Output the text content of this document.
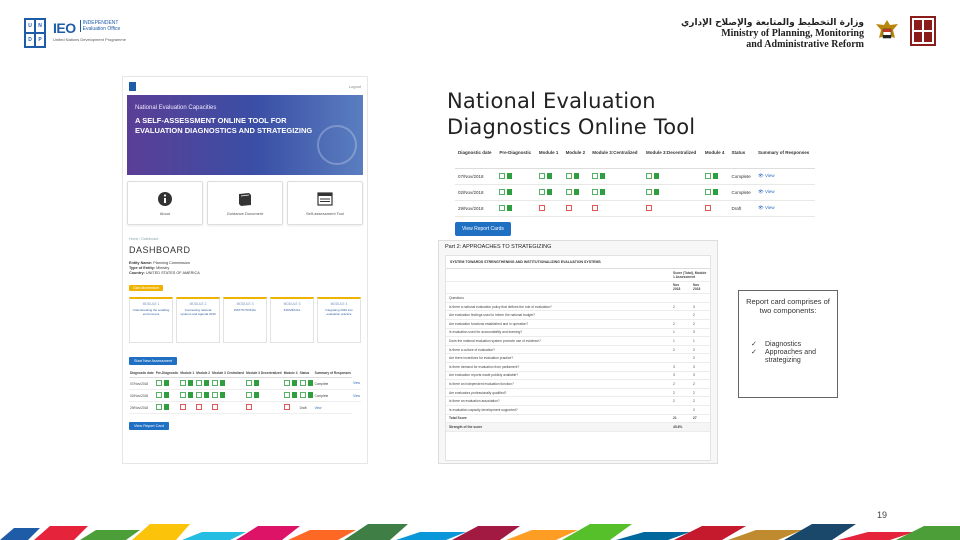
U	N
D	P
IEO INDEPENDENT
Evaluation Office
United Nations Development Programme
وزارة التخطيط والمتابعة والإصلاح الإداري
Ministry of Planning, Monitoring
and Administrative Reform
Logout
National Evaluation Capacities
A SELF-ASSESSMENT ONLINE TOOL FOR EVALUATION DIAGNOSTICS AND STRATEGIZING
About	Guidance Document	Self-assessment Tool
Home / Dashboard
DASHBOARD
Entity Name: Planning Commission
Type of Entity: Ministry
Country: UNITED STATES OF AMERICA
Gain Momentum
MODULE 1
Understanding the enabling environment
MODULE 2
Connecting national systems and Agenda 2030
MODULE 3
INSTITUTIONAL
MODULE 3
INDIVIDUAL
MODULE 4
Integrating 2030 into evaluation practice
Start New Assessment
Diagnostic date	Pre-Diagnostic	Module 1	Module 2	Module 3 Centralized	Module 3 Decentralized	Module 4	Status	Summary of Responses	
07/Nov/2018								Complete	View
02/Nov/2018								Complete	View
29/Nov/2018							Draft	View	
View Report Card
National Evaluation
Diagnostics Online Tool
Diagnostic date	Pre-Diagnostic	Module 1	Module 2	Module 3:Centralized	Module 3:Decentralized	Module 4	Status	Summary of Responses
07/Nov/2018							Complete	👁 View
02/Nov/2018							Complete	👁 View
29/Nov/2018							Draft	👁 View
View Report Cards
Part 2: APPROACHES TO STRATEGIZING
SYSTEM TOWARDS STRENGTHENING AND INSTITUTIONALIZING EVALUATION SYSTEMS
	Score (Total), Module 1 Assessment	
	Nov 2018	Nov 2018
Questions		
Is there a national evaluation policy that defines the role of evaluation?	2	3
Are evaluation findings used to inform the national budget?		2
Are evaluation functions established and in operation?	2	2
Is evaluation used for accountability and learning?	1	3
Does the national evaluation system promote use of evidence?	1	1
Is there a culture of evaluation?	2	2
Are there incentives for evaluation practice?		2
Is there demand for evaluation from parliament?	3	3
Are evaluation reports made publicly available?	3	3
Is there an independent evaluation function?	2	2
Are evaluators professionally qualified?	2	2
Is there an evaluation association?	2	2
Is evaluation capacity development supported?		2
Total Score	21	27
Strength of the score	45.8%	
Report card comprises of two components:
✓	Diagnostics
✓	Approaches and strategizing
19
